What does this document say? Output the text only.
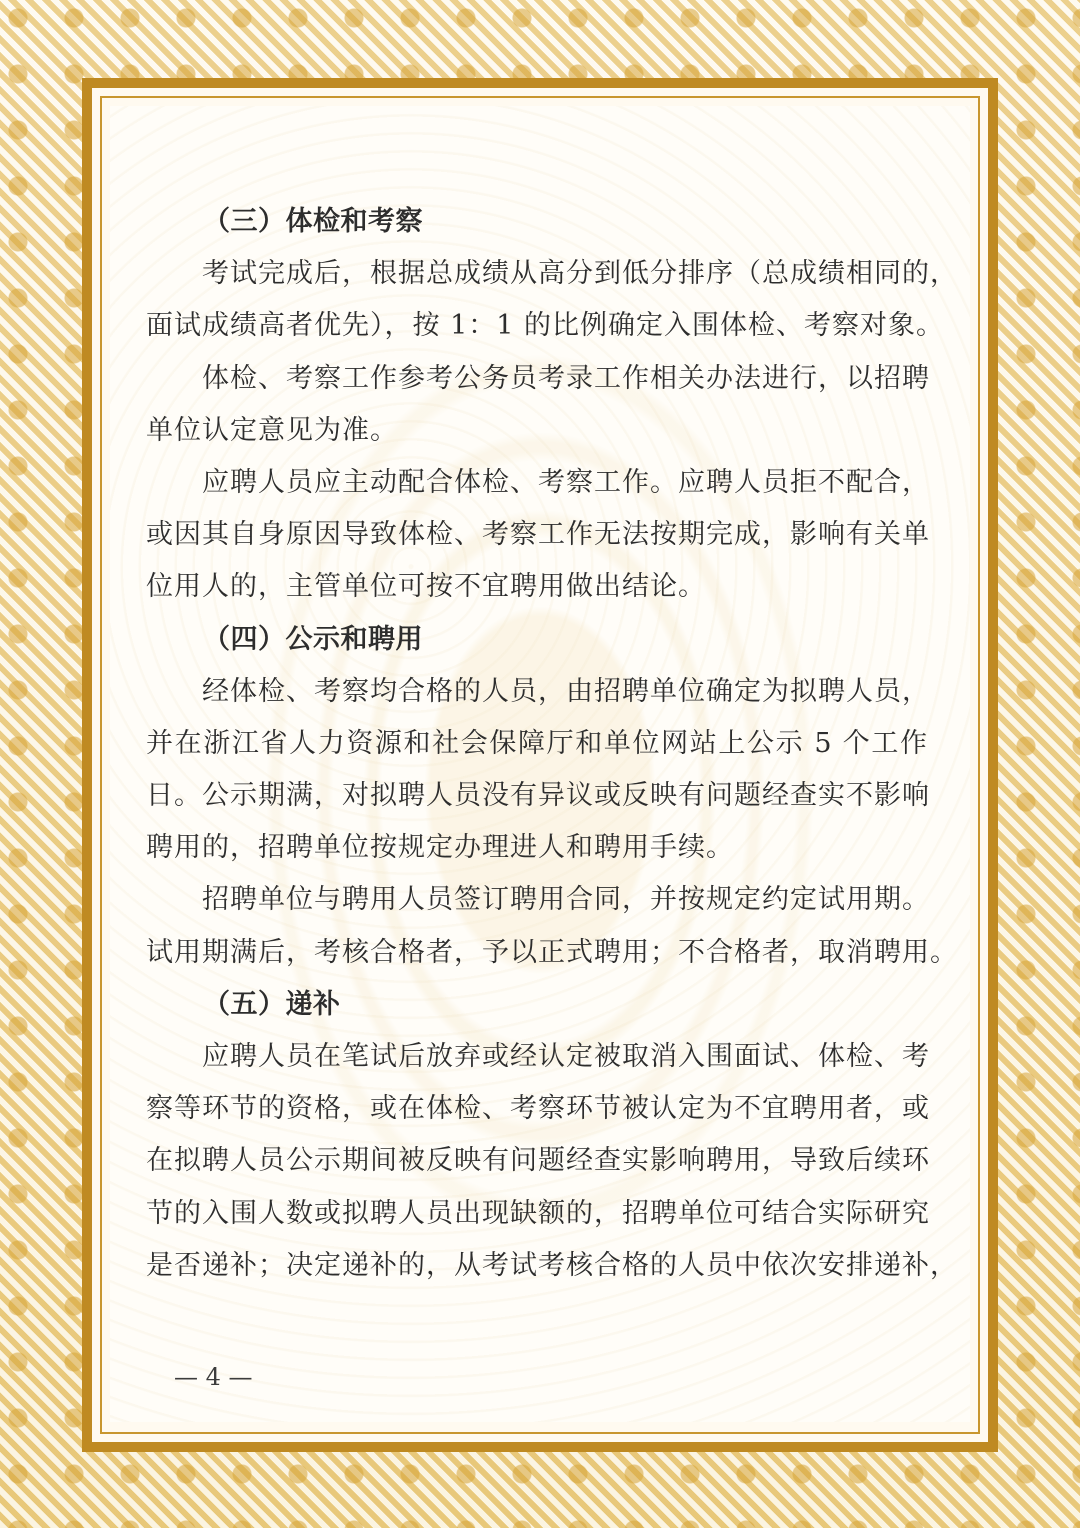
（三）体检和考察
考试完成后，根据总成绩从高分到低分排序（总成绩相同的，
面试成绩高者优先），按 1：1 的比例确定入围体检、考察对象。
体检、考察工作参考公务员考录工作相关办法进行，以招聘
单位认定意见为准。
应聘人员应主动配合体检、考察工作。应聘人员拒不配合，
或因其自身原因导致体检、考察工作无法按期完成，影响有关单
位用人的，主管单位可按不宜聘用做出结论。
（四）公示和聘用
经体检、考察均合格的人员，由招聘单位确定为拟聘人员，
并在浙江省人力资源和社会保障厅和单位网站上公示 5 个工作
日。公示期满，对拟聘人员没有异议或反映有问题经查实不影响
聘用的，招聘单位按规定办理进人和聘用手续。
招聘单位与聘用人员签订聘用合同，并按规定约定试用期。
试用期满后，考核合格者，予以正式聘用；不合格者，取消聘用。
（五）递补
应聘人员在笔试后放弃或经认定被取消入围面试、体检、考
察等环节的资格，或在体检、考察环节被认定为不宜聘用者，或
在拟聘人员公示期间被反映有问题经查实影响聘用，导致后续环
节的入围人数或拟聘人员出现缺额的，招聘单位可结合实际研究
是否递补；决定递补的，从考试考核合格的人员中依次安排递补，
— 4 —
